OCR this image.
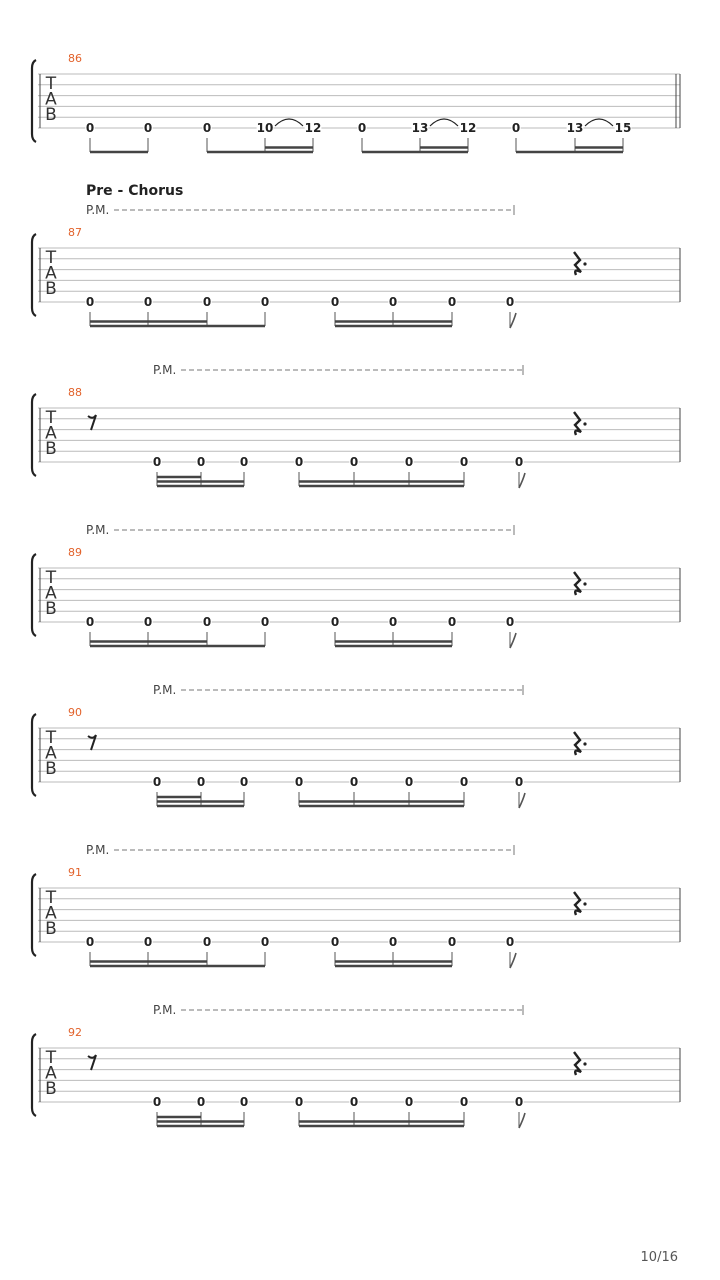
T
A
B
86
0	0	0	10	12	0	13	12	0	13	15
T
A
B
87
Pre - Chorus
P.M.
0	0	0	0	0	0	0	0
T
A
B
88
P.M.
0	0	0	0	0	0	0	0
T
A
B
89
P.M.
0	0	0	0	0	0	0	0
T
A
B
90
P.M.
0	0	0	0	0	0	0	0
T
A
B
91
P.M.
0	0	0	0	0	0	0	0
T
A
B
92
P.M.
0	0	0	0	0	0	0	0
10/16
